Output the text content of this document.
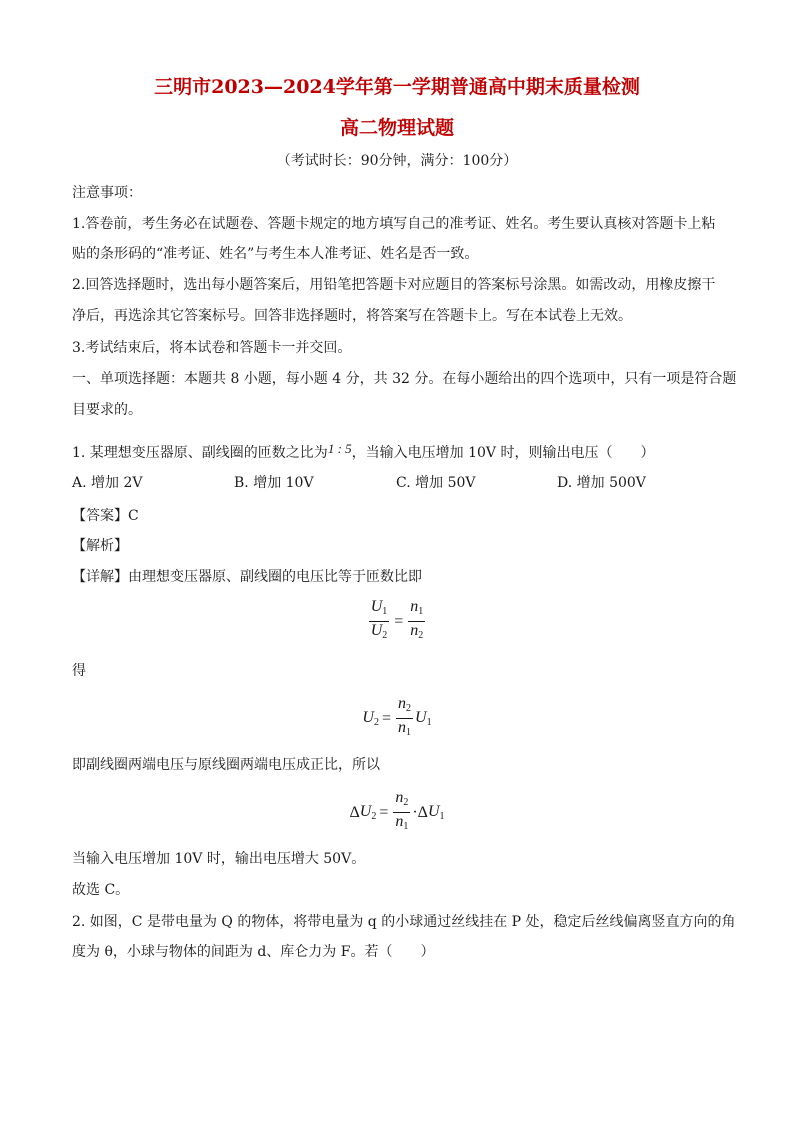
三明市2023—2024学年第一学期普通高中期末质量检测
高二物理试题
（考试时长：90分钟，满分：100分）
注意事项：
1.答卷前，考生务必在试题卷、答题卡规定的地方填写自己的准考证、姓名。考生要认真核对答题卡上粘
贴的条形码的“准考证、姓名”与考生本人准考证、姓名是否一致。
2.回答选择题时，选出每小题答案后，用铅笔把答题卡对应题目的答案标号涂黑。如需改动，用橡皮擦干
净后，再选涂其它答案标号。回答非选择题时，将答案写在答题卡上。写在本试卷上无效。
3.考试结束后，将本试卷和答题卡一并交回。
一、单项选择题：本题共 8 小题，每小题 4 分，共 32 分。在每小题给出的四个选项中，只有一项是符合题
目要求的。
1. 某理想变压器原、副线圈的匝数之比为1 : 5，当输入电压增加 10V 时，则输出电压（　　）
A. 增加 2V	B. 增加 10V	C. 增加 50V	D. 增加 500V
【答案】C
【解析】
【详解】由理想变压器原、副线圈的电压比等于匝数比即
$\frac{U_1}{U_2} = \frac{n_1}{n_2}$
得
$U_2 = \frac{n_2}{n_1} U_1$
即副线圈两端电压与原线圈两端电压成正比，所以
Δ $U_2 = \frac{n_2}{n_1} \cdot \Delta$ $U_1$
当输入电压增加 10V 时，输出电压增大 50V。
故选 C。
2. 如图，C 是带电量为 Q 的物体，将带电量为 q 的小球通过丝线挂在 P 处，稳定后丝线偏离竖直方向的角
度为 θ，小球与物体的间距为 d、库仑力为 F。若（　　）
